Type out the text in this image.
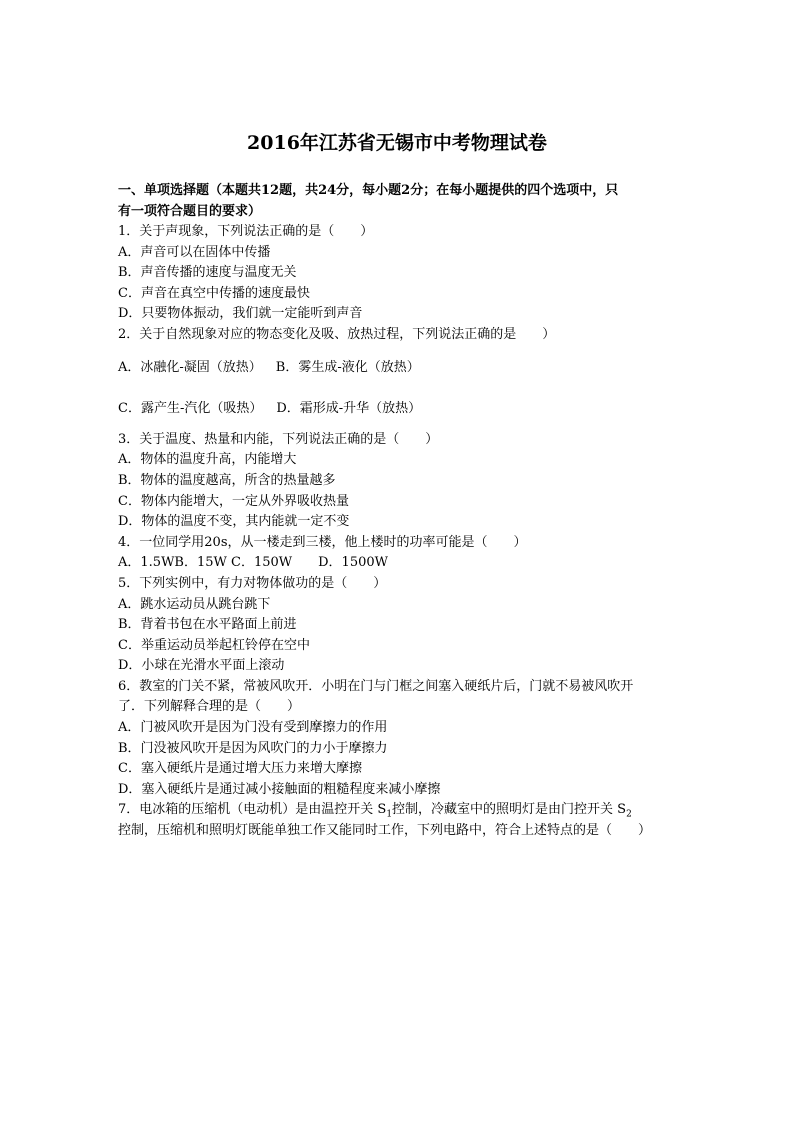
2016年江苏省无锡市中考物理试卷
一、单项选择题（本题共12题，共24分，每小题2分；在每小题提供的四个选项中，只
有一项符合题目的要求）
1．关于声现象，下列说法正确的是（　　）
A．声音可以在固体中传播
B．声音传播的速度与温度无关
C．声音在真空中传播的速度最快
D．只要物体振动，我们就一定能听到声音
2．关于自然现象对应的物态变化及吸、放热过程，下列说法正确的是　　）
A．冰融化-凝固（放热） B．雾生成-液化（放热）
C．露产生-汽化（吸热） D．霜形成-升华（放热）
3．关于温度、热量和内能，下列说法正确的是（　　）
A．物体的温度升高，内能增大
B．物体的温度越高，所含的热量越多
C．物体内能增大，一定从外界吸收热量
D．物体的温度不变，其内能就一定不变
4．一位同学用20s，从一楼走到三楼，他上楼时的功率可能是（　　）
A．1.5WB．15W C．150W　　D．1500W
5．下列实例中，有力对物体做功的是（　　）
A．跳水运动员从跳台跳下
B．背着书包在水平路面上前进
C．举重运动员举起杠铃停在空中
D．小球在光滑水平面上滚动
6．教室的门关不紧，常被风吹开．小明在门与门框之间塞入硬纸片后，门就不易被风吹开
了．下列解释合理的是（　　）
A．门被风吹开是因为门没有受到摩擦力的作用
B．门没被风吹开是因为风吹门的力小于摩擦力
C．塞入硬纸片是通过增大压力来增大摩擦
D．塞入硬纸片是通过减小接触面的粗糙程度来减小摩擦
7．电冰箱的压缩机（电动机）是由温控开关 $S_1$控制，冷藏室中的照明灯是由门控开关 $S_2$
控制，压缩机和照明灯既能单独工作又能同时工作，下列电路中，符合上述特点的是（　　）
